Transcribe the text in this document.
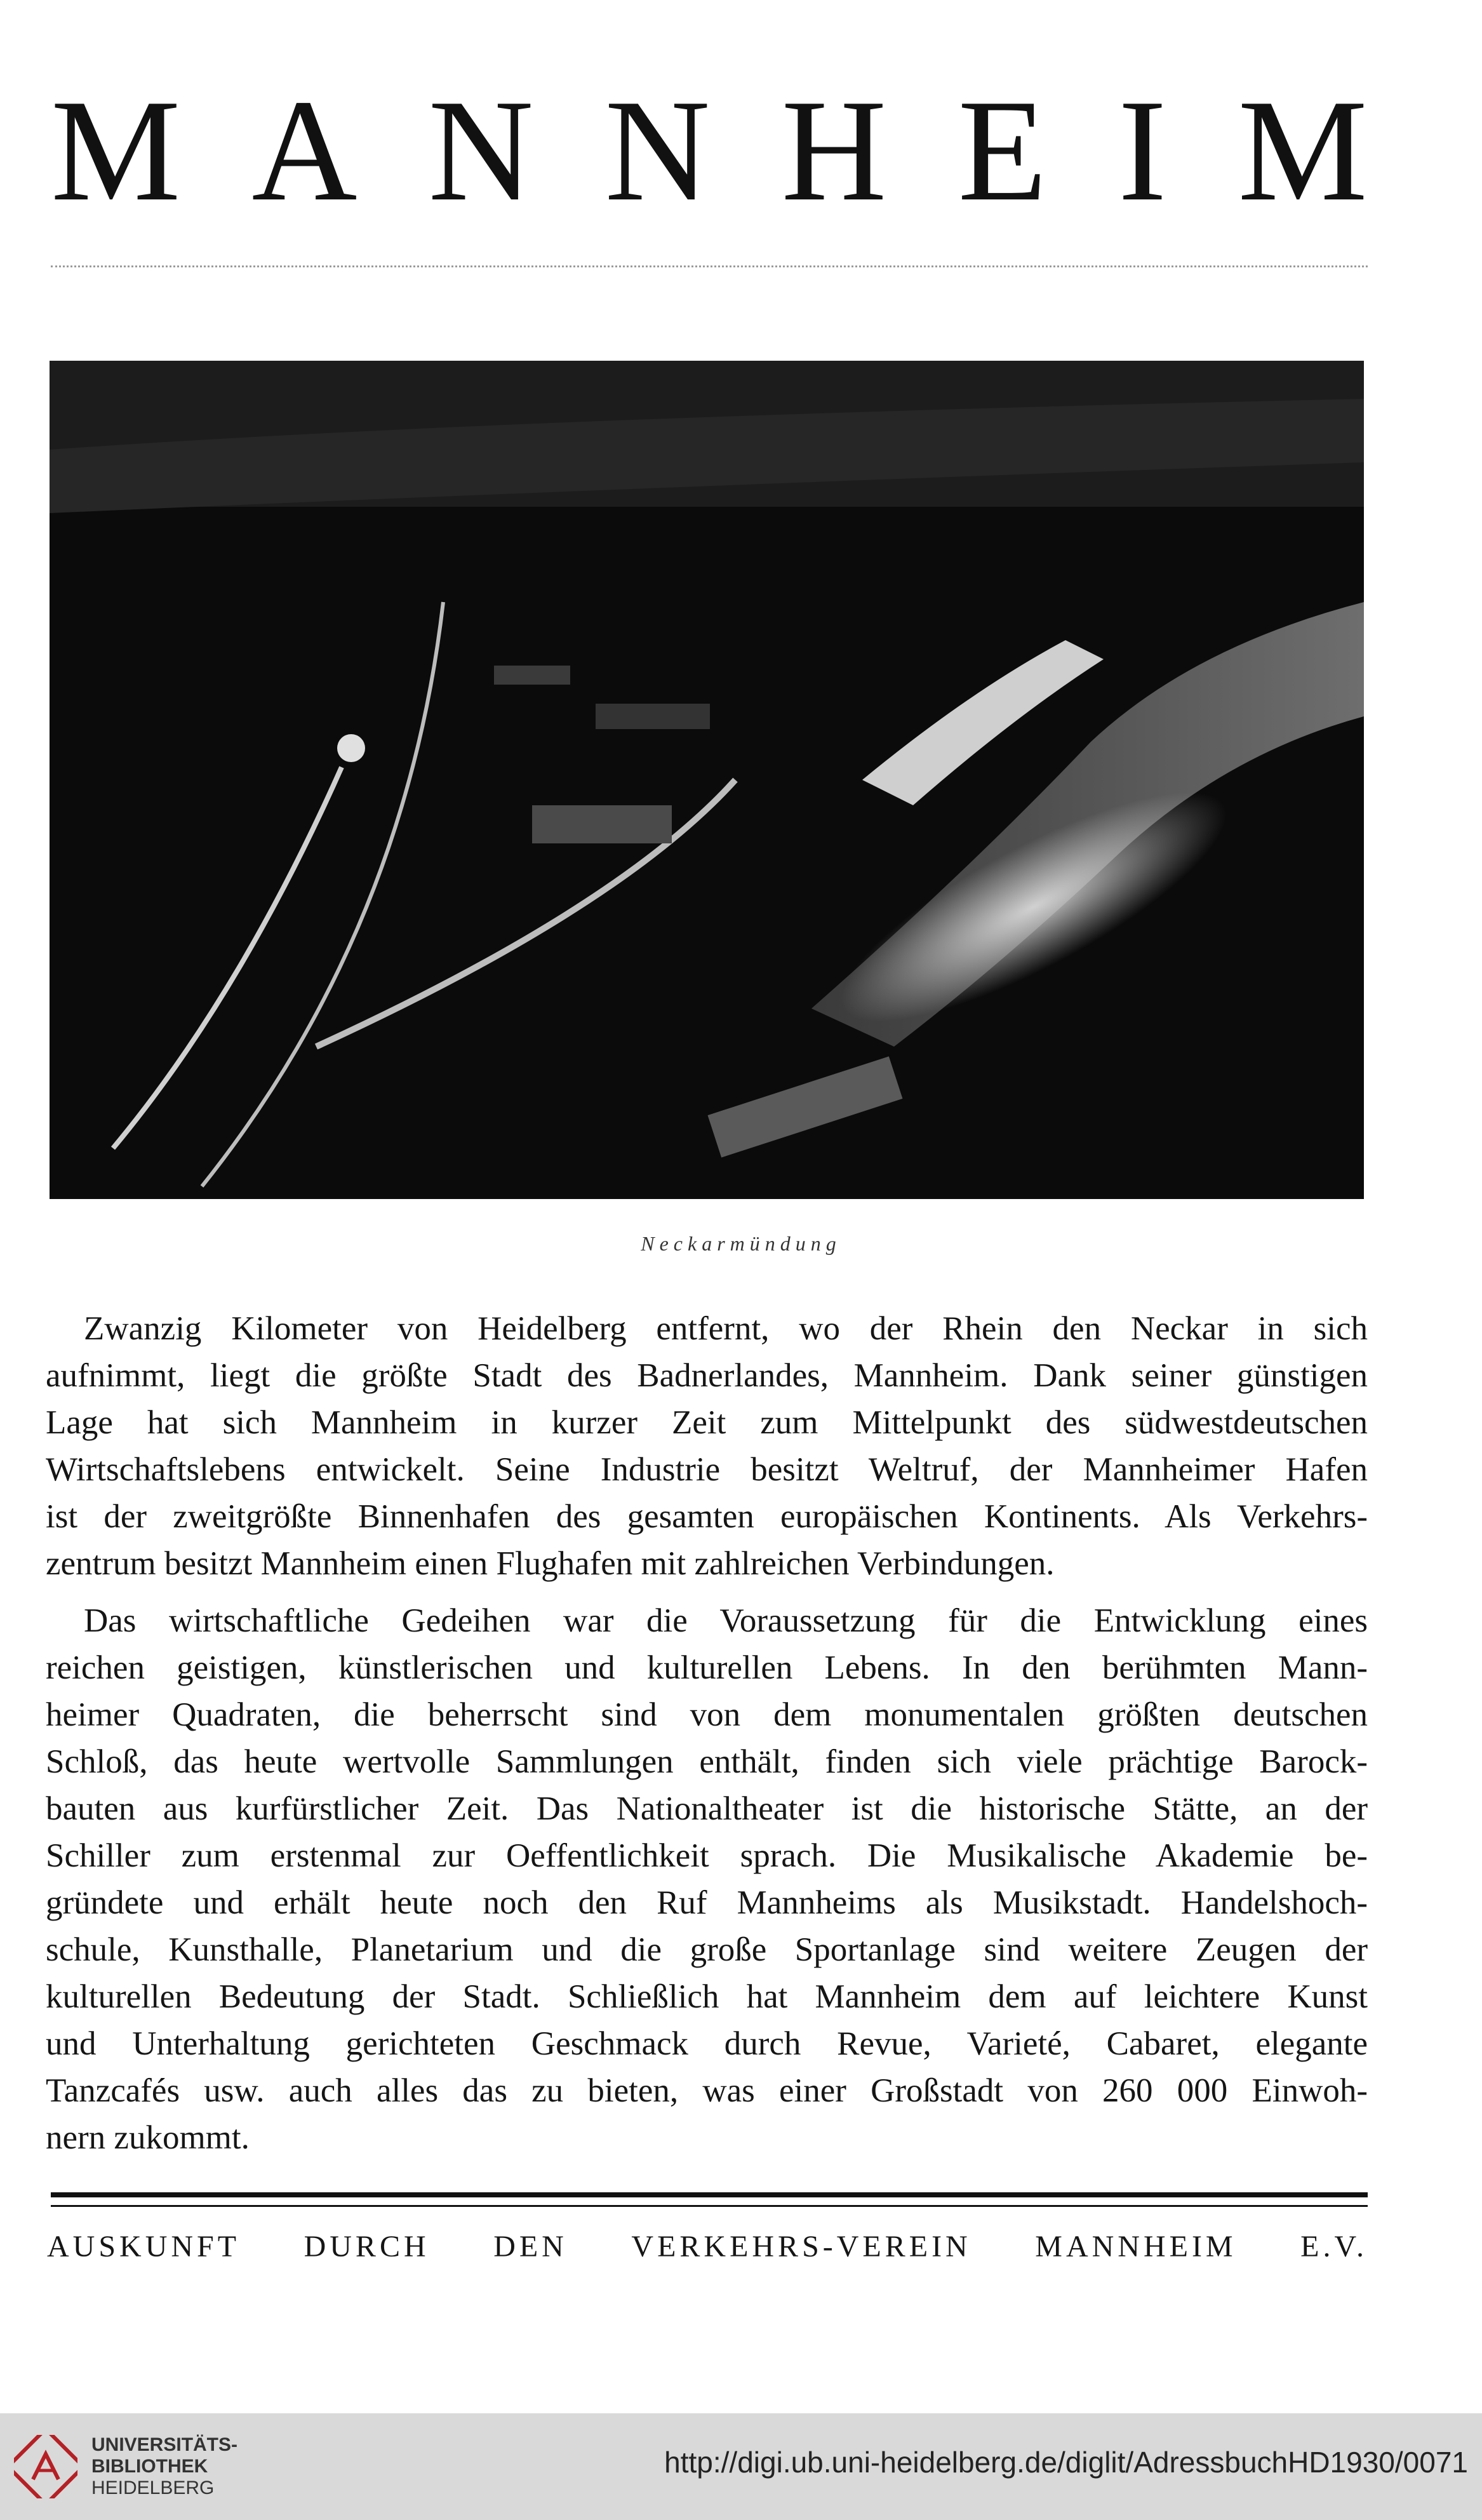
M A N N H E I M
Neckarmündung

Zwanzig Kilometer von Heidelberg entfernt, wo der Rhein den Neckar in sich
aufnimmt, liegt die größte Stadt des Badnerlandes, Mannheim. Dank seiner günstigen
Lage hat sich Mannheim in kurzer Zeit zum Mittelpunkt des südwestdeutschen
Wirtschaftslebens entwickelt. Seine Industrie besitzt Weltruf, der Mannheimer Hafen
ist der zweitgrößte Binnenhafen des gesamten europäischen Kontinents. Als Verkehrs-
zentrum besitzt Mannheim einen Flughafen mit zahlreichen Verbindungen.

Das wirtschaftliche Gedeihen war die Voraussetzung für die Entwicklung eines
reichen geistigen, künstlerischen und kulturellen Lebens. In den berühmten Mann-
heimer Quadraten, die beherrscht sind von dem monumentalen größten deutschen
Schloß, das heute wertvolle Sammlungen enthält, finden sich viele prächtige Barock-
bauten aus kurfürstlicher Zeit. Das Nationaltheater ist die historische Stätte, an der
Schiller zum erstenmal zur Oeffentlichkeit sprach. Die Musikalische Akademie be-
gründete und erhält heute noch den Ruf Mannheims als Musikstadt. Handelshoch-
schule, Kunsthalle, Planetarium und die große Sportanlage sind weitere Zeugen der
kulturellen Bedeutung der Stadt. Schließlich hat Mannheim dem auf leichtere Kunst
und Unterhaltung gerichteten Geschmack durch Revue, Varieté, Cabaret, elegante
Tanzcafés usw. auch alles das zu bieten, was einer Großstadt von 260 000 Einwoh-
nern zukommt.

AUSKUNFT DURCH DEN VERKEHRS-VEREIN MANNHEIM E.V.
UNIVERSITÄTS-
BIBLIOTHEK
HEIDELBERG
http://digi.ub.uni-heidelberg.de/diglit/AdressbuchHD1930/0071
